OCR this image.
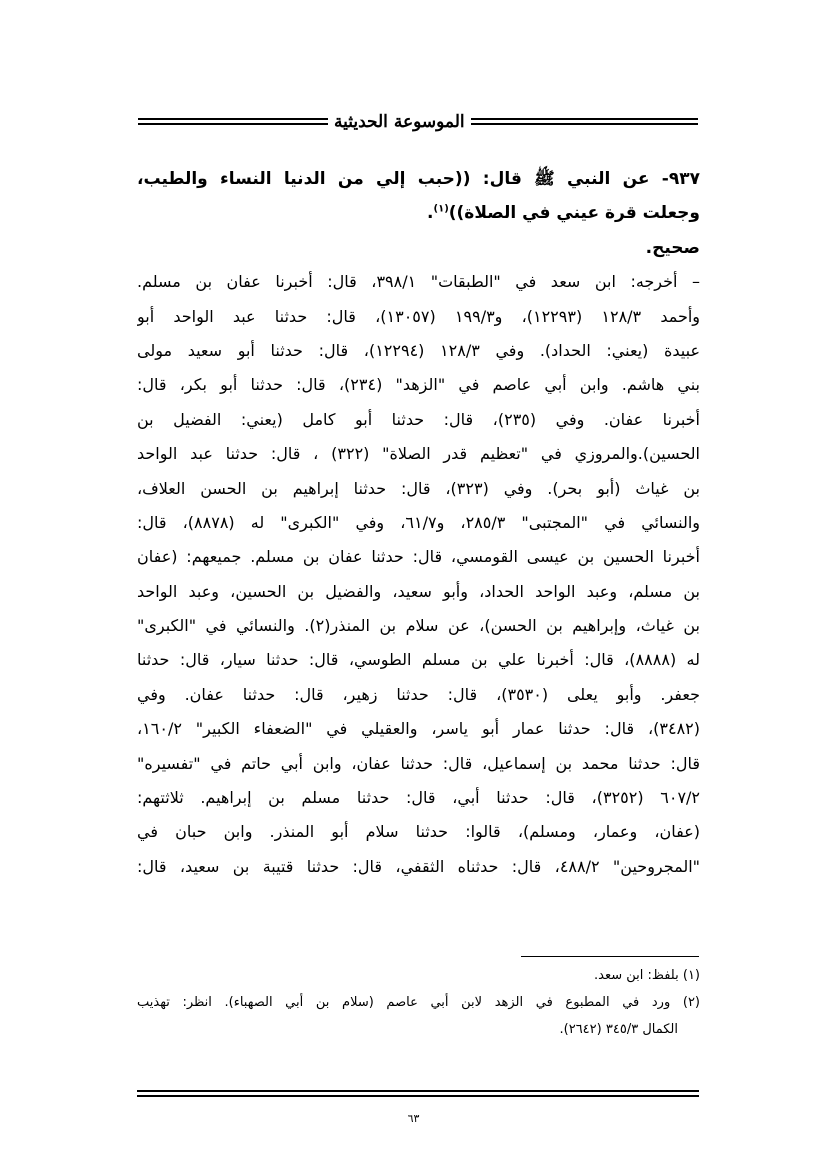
الموسوعة الحديثية
٩٣٧- عن النبي ﷺ قال: ((حبب إلي من الدنيا النساء والطيب،
وجعلت قرة عيني في الصلاة))$^{(١)}$.
صحيح.
– أخرجه: ابن سعد في "الطبقات" ٣٩٨/١، قال: أخبرنا عفان بن مسلم.
وأحمد ١٢٨/٣ (١٢٢٩٣)، و١٩٩/٣ (١٣٠٥٧)، قال: حدثنا عبد الواحد أبو
عبيدة (يعني: الحداد). وفي ١٢٨/٣ (١٢٢٩٤)، قال: حدثنا أبو سعيد مولى
بني هاشم. وابن أبي عاصم في "الزهد" (٢٣٤)، قال: حدثنا أبو بكر، قال:
أخبرنا عفان. وفي (٢٣٥)، قال: حدثنا أبو كامل (يعني: الفضيل بن
الحسين).والمروزي في "تعظيم قدر الصلاة" (٣٢٢) ، قال: حدثنا عبد الواحد
بن غياث (أبو بحر). وفي (٣٢٣)، قال: حدثنا إبراهيم بن الحسن العلاف،
والنسائي في "المجتبى" ٢٨٥/٣، و٦١/٧، وفي "الكبرى" له (٨٨٧٨)، قال:
أخبرنا الحسين بن عيسى القومسي، قال: حدثنا عفان بن مسلم. جميعهم: (عفان
بن مسلم، وعبد الواحد الحداد، وأبو سعيد، والفضيل بن الحسين، وعبد الواحد
بن غياث، وإبراهيم بن الحسن)، عن سلام بن المنذر(٢). والنسائي في "الكبرى"
له (٨٨٨٨)، قال: أخبرنا علي بن مسلم الطوسي، قال: حدثنا سيار، قال: حدثنا
جعفر. وأبو يعلى (٣٥٣٠)، قال: حدثنا زهير، قال: حدثنا عفان. وفي
(٣٤٨٢)، قال: حدثنا عمار أبو ياسر، والعقيلي في "الضعفاء الكبير" ١٦٠/٢،
قال: حدثنا محمد بن إسماعيل، قال: حدثنا عفان، وابن أبي حاتم في "تفسيره"
٦٠٧/٢ (٣٢٥٢)، قال: حدثنا أبي، قال: حدثنا مسلم بن إبراهيم. ثلاثتهم:
(عفان، وعمار، ومسلم)، قالوا: حدثنا سلام أبو المنذر. وابن حبان في
"المجروحين" ٤٨٨/٢، قال: حدثناه الثقفي، قال: حدثنا قتيبة بن سعيد، قال:
(١) بلفظ: ابن سعد.
(٢) ورد في المطبوع في الزهد لابن أبي عاصم (سلام بن أبي الصهباء). انظر: تهذيب
الكمال ٣٤٥/٣ (٢٦٤٢).
٦٣
